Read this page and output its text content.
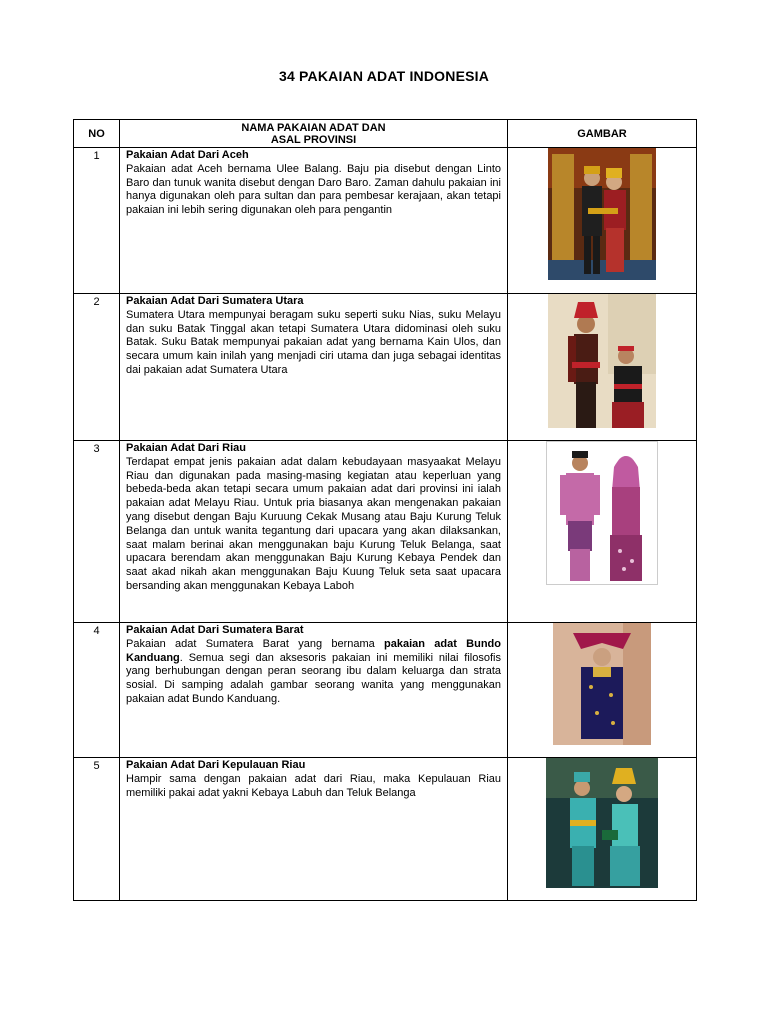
34 PAKAIAN ADAT INDONESIA
NO	NAMA PAKAIAN ADAT DAN
ASAL PROVINSI	GAMBAR
1	Pakaian Adat Dari Aceh
Pakaian adat Aceh bernama Ulee Balang. Baju pia disebut dengan Linto Baro dan tunuk wanita disebut dengan Daro Baro. Zaman dahulu pakaian ini hanya digunakan oleh para sultan dan para pembesar kerajaan, akan tetapi pakaian ini lebih sering digunakan oleh para pengantin

2	Pakaian Adat Dari Sumatera Utara
Sumatera Utara mempunyai beragam suku seperti suku Nias, suku Melayu dan suku Batak Tinggal akan tetapi Sumatera Utara didominasi oleh suku Batak. Suku Batak mempunyai pakaian adat yang bernama Kain Ulos, dan secara umum kain inilah yang menjadi ciri utama dan juga sebagai identitas dai pakaian adat Sumatera Utara

3	Pakaian Adat Dari Riau
Terdapat empat jenis pakaian adat dalam kebudayaan masyaakat Melayu Riau dan digunakan pada masing-masing kegiatan atau keperluan yang bebeda-beda akan tetapi secara umum pakaian adat dari provinsi ini ialah pakaian adat Melayu Riau. Untuk pria biasanya akan mengenakan pakaian yang disebut dengan Baju Kuruung Cekak Musang atau Baju Kurung Teluk Belanga dan untuk wanita tegantung dari upacara yang akan dilaksankan, saat malam berinai akan menggunakan baju Kurung Teluk Belanga, saat upacara berendam akan menggunakan Baju Kurung Kebaya Pendek dan saat akad nikah akan menggunakan Baju Kuung Teluk seta saat upacara bersanding akan menggunakan Kebaya Laboh

4	Pakaian Adat Dari Sumatera Barat
Pakaian adat Sumatera Barat yang bernama pakaian adat Bundo Kanduang. Semua segi dan aksesoris pakaian ini memiliki nilai filosofis yang berhubungan dengan peran seorang ibu dalam keluarga dan strata sosial. Di samping adalah gambar seorang wanita yang menggunakan pakaian adat Bundo Kanduang.

5	Pakaian Adat Dari Kepulauan Riau
Hampir sama dengan pakaian adat dari Riau, maka Kepulauan Riau memiliki pakai adat yakni Kebaya Labuh dan Teluk Belanga
